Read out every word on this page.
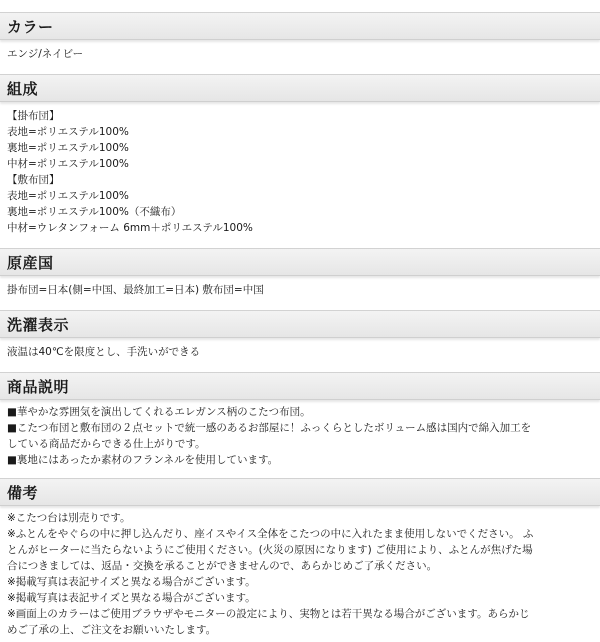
カラー
エンジ/ネイビー
組成
【掛布団】
表地=ポリエステル100%
裏地=ポリエステル100%
中材=ポリエステル100%
【敷布団】
表地=ポリエステル100%
裏地=ポリエステル100%（不織布）
中材=ウレタンフォーム 6mm＋ポリエステル100%
原産国
掛布団=日本(側=中国、最終加工=日本) 敷布団=中国
洗濯表示
液温は40℃を限度とし、手洗いができる
商品説明
■華やかな雰囲気を演出してくれるエレガンス柄のこたつ布団。
■こたつ布団と敷布団の２点セットで統一感のあるお部屋に！ふっくらとしたボリューム感は国内で綿入加工を
している商品だからできる仕上がりです。
■裏地にはあったか素材のフランネルを使用しています。
備考
※こたつ台は別売りです。
※ふとんをやぐらの中に押し込んだり、座イスやイス全体をこたつの中に入れたまま使用しないでください。 ふ
とんがヒーターに当たらないようにご使用ください。(火災の原因になります) ご使用により、ふとんが焦げた場
合につきましては、返品・交換を承ることができませんので、あらかじめご了承ください。
※掲載写真は表記サイズと異なる場合がございます。
※掲載写真は表記サイズと異なる場合がございます。
※画面上のカラーはご使用ブラウザやモニターの設定により、実物とは若干異なる場合がございます。あらかじ
めご了承の上、ご注文をお願いいたします。
